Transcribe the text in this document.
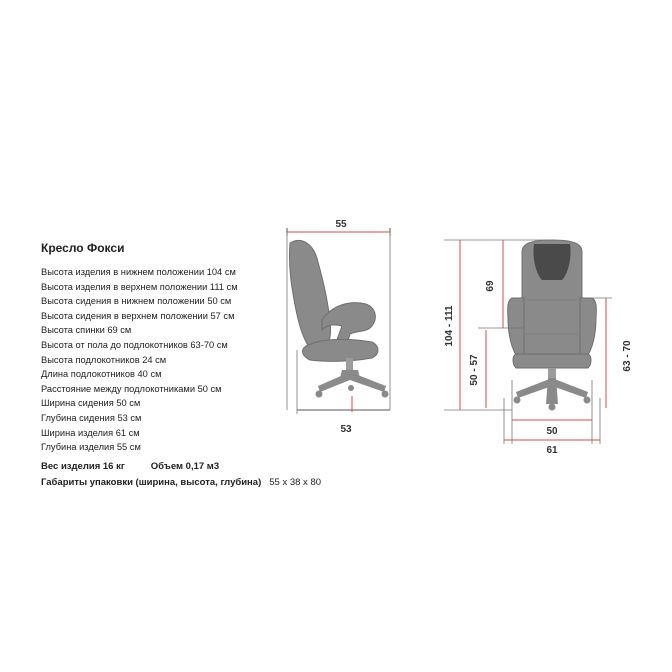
Кресло Фокси
Высота изделия в нижнем положении 104 см
Высота изделия в верхнем положении 111 см
Высота сидения в нижнем положении 50 см
Высота сидения в верхнем положении 57 см
Высота спинки 69 см
Высота от пола до подлокотников 63-70 см
Высота подлокотников 24 см
Длина подлокотников 40 см
Расстояние между подлокотниками 50 см
Ширина сидения 50 см
Глубина сидения 53 см
Ширина изделия 61 см
Глубина изделия 55 см
Вес изделия 16 кг	Объем 0,17 м3
Габариты упаковки (ширина, высота, глубина) 55 х 38 х 80
55
53
104 - 111
69
50 - 57	63 - 70
50
61
